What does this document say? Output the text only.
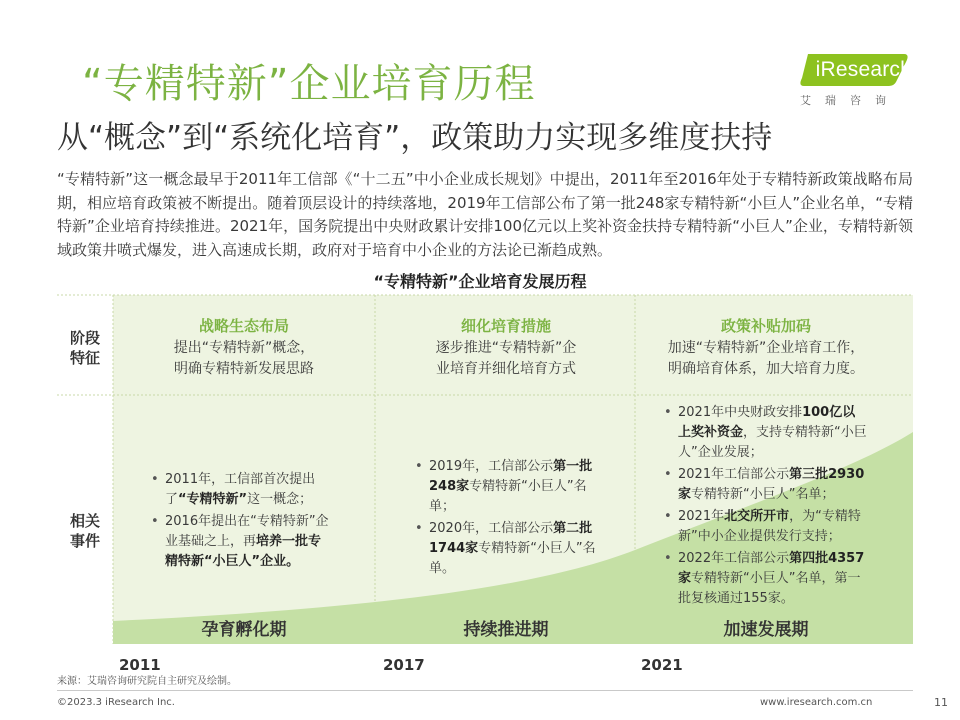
“专精特新”企业培育历程
从“概念”到“系统化培育”，政策助力实现多维度扶持
iResearch
艾瑞咨询

“专精特新”这一概念最早于2011年工信部《“十二五”中小企业成长规划》中提出，2011年至2016年处于专精特新政策战略布局期，相应培育政策被不断提出。随着顶层设计的持续落地，2019年工信部公布了第一批248家专精特新“小巨人”企业名单，“专精特新”企业培育持续推进。2021年，国务院提出中央财政累计安排100亿元以上奖补资金扶持专精特新“小巨人”企业，专精特新领域政策井喷式爆发，进入高速成长期，政府对于培育中小企业的方法论已渐趋成熟。

“专精特新”企业培育发展历程
阶段
特征
相关
事件
战略生态布局
提出“专精特新”概念，
明确专精特新发展思路
• 2011年，工信部首次提出了“专精特新”这一概念；
• 2016年提出在“专精特新”企业基础之上，再培养一批专精特新“小巨人”企业。
孕育孵化期
2011
细化培育措施
逐步推进“专精特新”企
业培育并细化培育方式
• 2019年，工信部公示第一批248家专精特新“小巨人”名单；
• 2020年，工信部公示第二批1744家专精特新“小巨人”名单。
持续推进期
2017
政策补贴加码
加速“专精特新”企业培育工作，
明确培育体系，加大培育力度。
• 2021年中央财政安排100亿以上奖补资金，支持专精特新“小巨人”企业发展；
• 2021年工信部公示第三批2930家专精特新“小巨人”名单；
• 2021年北交所开市，为“专精特新”中小企业提供发行支持；
• 2022年工信部公示第四批4357家专精特新“小巨人”名单，第一批复核通过155家。
加速发展期
2021
来源：艾瑞咨询研究院自主研究及绘制。
©2023.3 iResearch Inc.	www.iresearch.com.cn	11
